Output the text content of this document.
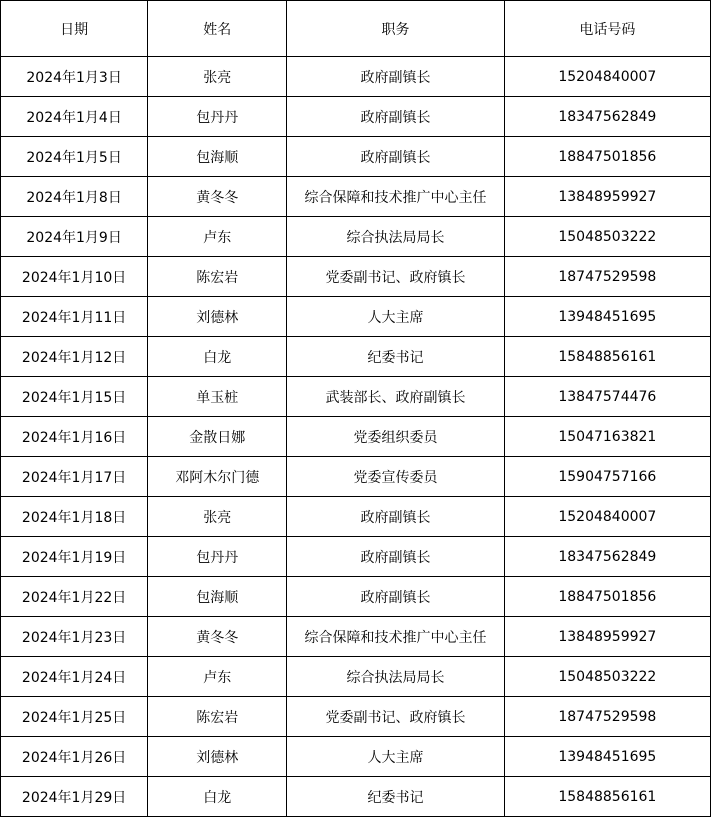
日期	姓名	职务	电话号码
2024年1月3日	张亮	政府副镇长	15204840007
2024年1月4日	包丹丹	政府副镇长	18347562849
2024年1月5日	包海顺	政府副镇长	18847501856
2024年1月8日	黄冬冬	综合保障和技术推广中心主任	13848959927
2024年1月9日	卢东	综合执法局局长	15048503222
2024年1月10日	陈宏岩	党委副书记、政府镇长	18747529598
2024年1月11日	刘德林	人大主席	13948451695
2024年1月12日	白龙	纪委书记	15848856161
2024年1月15日	单玉桩	武装部长、政府副镇长	13847574476
2024年1月16日	金散日娜	党委组织委员	15047163821
2024年1月17日	邓阿木尔门德	党委宣传委员	15904757166
2024年1月18日	张亮	政府副镇长	15204840007
2024年1月19日	包丹丹	政府副镇长	18347562849
2024年1月22日	包海顺	政府副镇长	18847501856
2024年1月23日	黄冬冬	综合保障和技术推广中心主任	13848959927
2024年1月24日	卢东	综合执法局局长	15048503222
2024年1月25日	陈宏岩	党委副书记、政府镇长	18747529598
2024年1月26日	刘德林	人大主席	13948451695
2024年1月29日	白龙	纪委书记	15848856161
